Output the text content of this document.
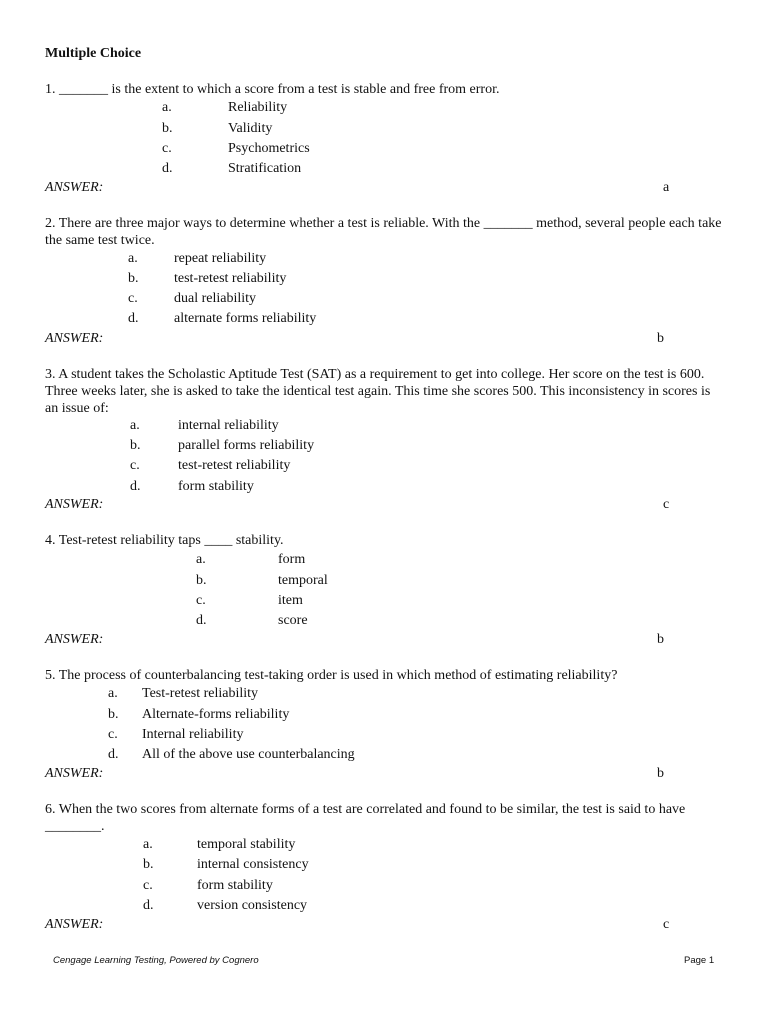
Multiple Choice
1. _______ is the extent to which a score from a test is stable and free from error.
a.	Reliability
b.	Validity
c.	Psychometrics
d.	Stratification
ANSWER:	a
2. There are three major ways to determine whether a test is reliable. With the _______ method, several people each take the same test twice.
a.	repeat reliability
b.	test-retest reliability
c.	dual reliability
d.	alternate forms reliability
ANSWER:	b
3. A student takes the Scholastic Aptitude Test (SAT) as a requirement to get into college. Her score on the test is 600. Three weeks later, she is asked to take the identical test again. This time she scores 500. This inconsistency in scores is an issue of:
a.	internal reliability
b.	parallel forms reliability
c.	test-retest reliability
d.	form stability
ANSWER:	c
4. Test-retest reliability taps ____ stability.
a.	form
b.	temporal
c.	item
d.	score
ANSWER:	b
5. The process of counterbalancing test-taking order is used in which method of estimating reliability?
a. Test-retest reliability
b. Alternate-forms reliability
c. Internal reliability
d. All of the above use counterbalancing
ANSWER:	b
6. When the two scores from alternate forms of a test are correlated and found to be similar, the test is said to have ________.
a.	temporal stability
b.	internal consistency
c.	form stability
d.	version consistency
ANSWER:	c
Cengage Learning Testing, Powered by Cognero	Page 1
